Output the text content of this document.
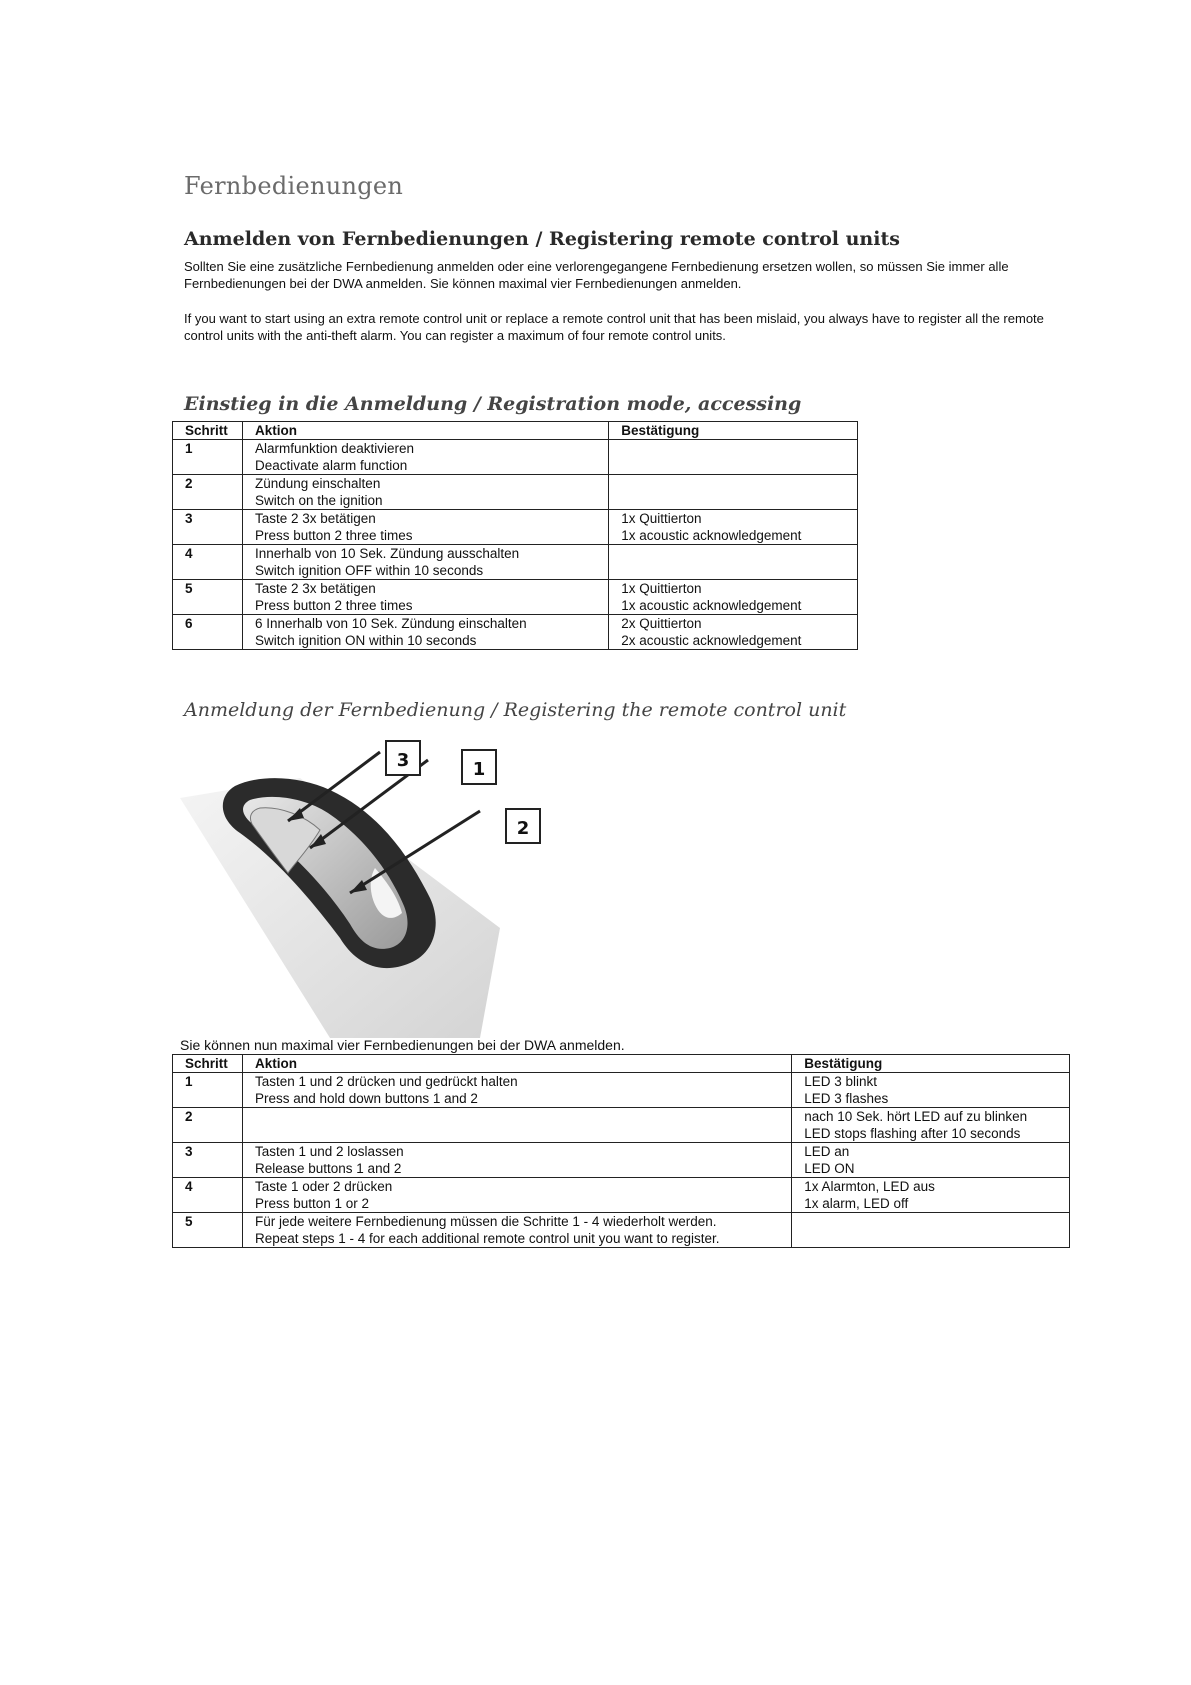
Fernbedienungen
Anmelden von Fernbedienungen / Registering remote control units

Sollten Sie eine zusätzliche Fernbedienung anmelden oder eine verlorengegangene Fernbedienung ersetzen wollen, so müssen Sie immer alle Fernbedienungen bei der DWA anmelden. Sie können maximal vier Fernbedienungen anmelden.

If you want to start using an extra remote control unit or replace a remote control unit that has been mislaid, you always have to register all the remote control units with the anti-theft alarm. You can register a maximum of four remote control units.

Einstieg in die Anmeldung / Registration mode, accessing
Schritt	Aktion	Bestätigung
1	Alarmfunktion deaktivieren
Deactivate alarm function	

2	Zündung einschalten
Switch on the ignition	

3	Taste 2 3x betätigen
Press button 2 three times	1x Quittierton
1x acoustic acknowledgement

4	Innerhalb von 10 Sek. Zündung ausschalten
Switch ignition OFF within 10 seconds	

5	Taste 2 3x betätigen
Press button 2 three times	1x Quittierton
1x acoustic acknowledgement

6	6 Innerhalb von 10 Sek. Zündung einschalten
Switch ignition ON within 10 seconds	2x Quittierton
2x acoustic acknowledgement
Anmeldung der Fernbedienung / Registering the remote control unit
3	1
2

Sie können nun maximal vier Fernbedienungen bei der DWA anmelden.

Schritt	Aktion	Bestätigung
1	Tasten 1 und 2 drücken und gedrückt halten
Press and hold down buttons 1 and 2	LED 3 blinkt
LED 3 flashes

2		nach 10 Sek. hört LED auf zu blinken
LED stops flashing after 10 seconds

3	Tasten 1 und 2 loslassen
Release buttons 1 and 2	LED an
LED ON

4	Taste 1 oder 2 drücken
Press button 1 or 2	1x Alarmton, LED aus
1x alarm, LED off

5	Für jede weitere Fernbedienung müssen die Schritte 1 - 4 wiederholt werden.
Repeat steps 1 - 4 for each additional remote control unit you want to register.	
